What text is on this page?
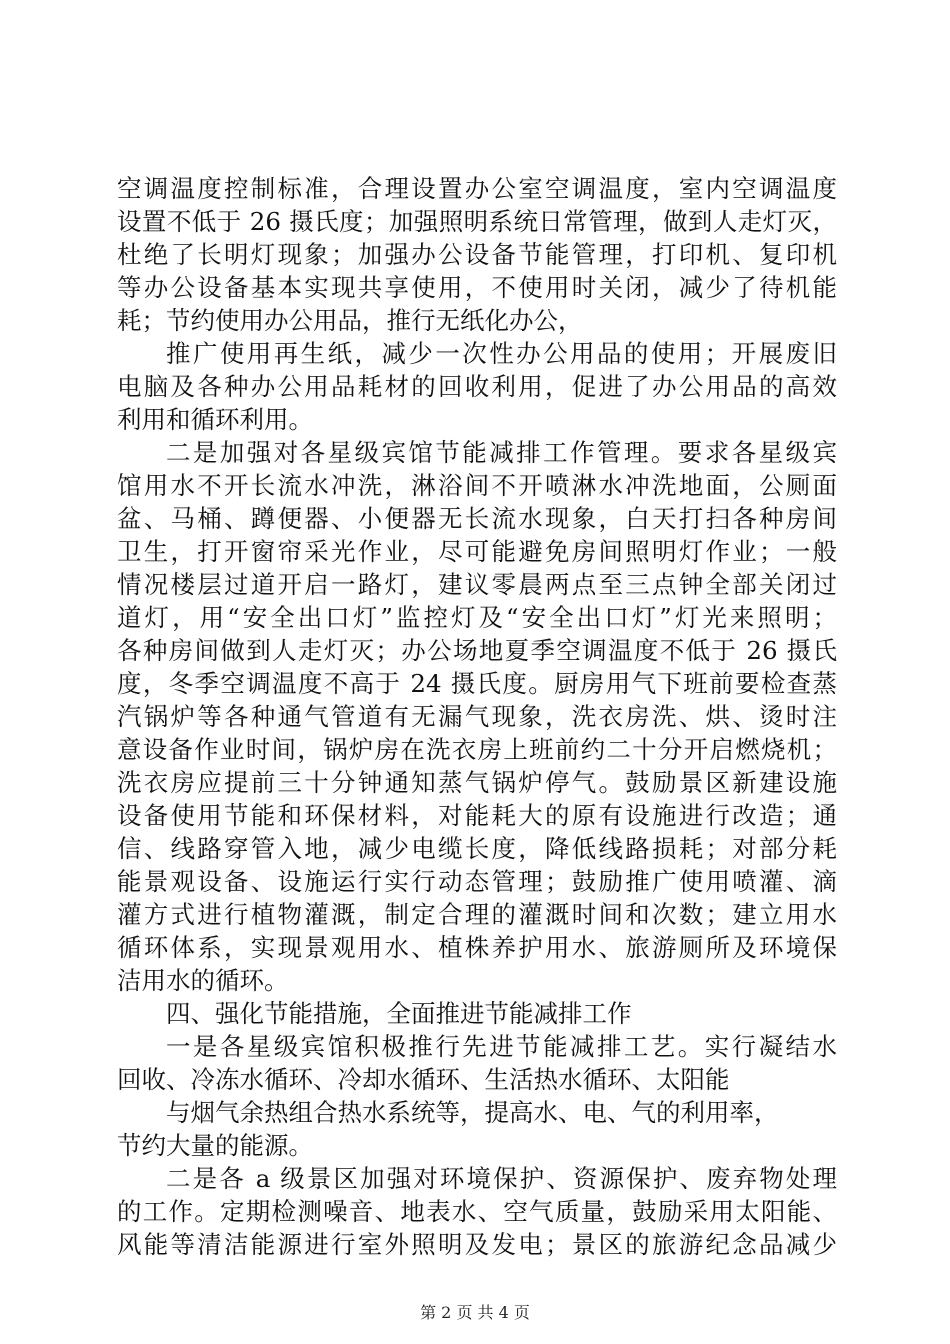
空调温度控制标准，合理设置办公室空调温度，室内空调温度
设置不低于 26 摄氏度；加强照明系统日常管理，做到人走灯灭，
杜绝了长明灯现象；加强办公设备节能管理，打印机、复印机
等办公设备基本实现共享使用，不使用时关闭，减少了待机能
耗；节约使用办公用品，推行无纸化办公，
推广使用再生纸，减少一次性办公用品的使用；开展废旧
电脑及各种办公用品耗材的回收利用，促进了办公用品的高效
利用和循环利用。
二是加强对各星级宾馆节能减排工作管理。要求各星级宾
馆用水不开长流水冲洗，淋浴间不开喷淋水冲洗地面，公厕面
盆、马桶、蹲便器、小便器无长流水现象，白天打扫各种房间
卫生，打开窗帘采光作业，尽可能避免房间照明灯作业；一般
情况楼层过道开启一路灯，建议零晨两点至三点钟全部关闭过
道灯，用“安全出口灯”监控灯及“安全出口灯”灯光来照明；
各种房间做到人走灯灭；办公场地夏季空调温度不低于 26 摄氏
度，冬季空调温度不高于 24 摄氏度。厨房用气下班前要检查蒸
汽锅炉等各种通气管道有无漏气现象，洗衣房洗、烘、烫时注
意设备作业时间，锅炉房在洗衣房上班前约二十分开启燃烧机；
洗衣房应提前三十分钟通知蒸气锅炉停气。鼓励景区新建设施
设备使用节能和环保材料，对能耗大的原有设施进行改造；通
信、线路穿管入地，减少电缆长度，降低线路损耗；对部分耗
能景观设备、设施运行实行动态管理；鼓励推广使用喷灌、滴
灌方式进行植物灌溉，制定合理的灌溉时间和次数；建立用水
循环体系，实现景观用水、植株养护用水、旅游厕所及环境保
洁用水的循环。
四、强化节能措施，全面推进节能减排工作
一是各星级宾馆积极推行先进节能减排工艺。实行凝结水
回收、冷冻水循环、冷却水循环、生活热水循环、太阳能
与烟气余热组合热水系统等，提高水、电、气的利用率，
节约大量的能源。
二是各 a 级景区加强对环境保护、资源保护、废弃物处理
的工作。定期检测噪音、地表水、空气质量，鼓励采用太阳能、
风能等清洁能源进行室外照明及发电；景区的旅游纪念品减少
第 2 页 共 4 页
